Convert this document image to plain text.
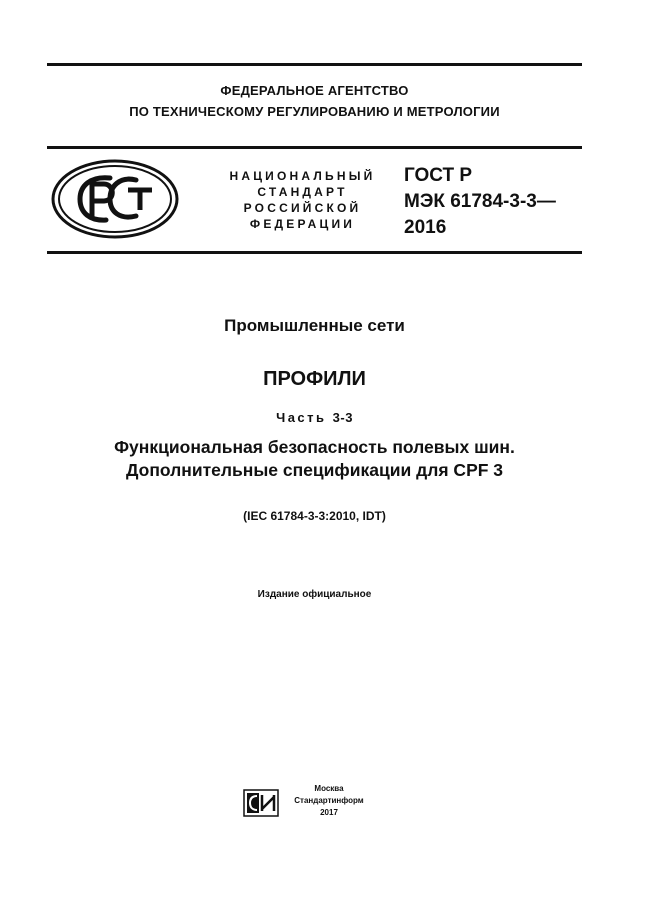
ФЕДЕРАЛЬНОЕ АГЕНТСТВО
ПО ТЕХНИЧЕСКОМУ РЕГУЛИРОВАНИЮ И МЕТРОЛОГИИ
НАЦИОНАЛЬНЫЙ
СТАНДАРТ
РОССИЙСКОЙ
ФЕДЕРАЦИИ
ГОСТ Р
МЭК 61784-3-3—
2016
Промышленные сети
ПРОФИЛИ
Часть 3-3
Функциональная безопасность полевых шин.
Дополнительные спецификации для CPF 3
(IEC 61784-3-3:2010, IDT)
Издание официальное
Москва
Стандартинформ
2017
